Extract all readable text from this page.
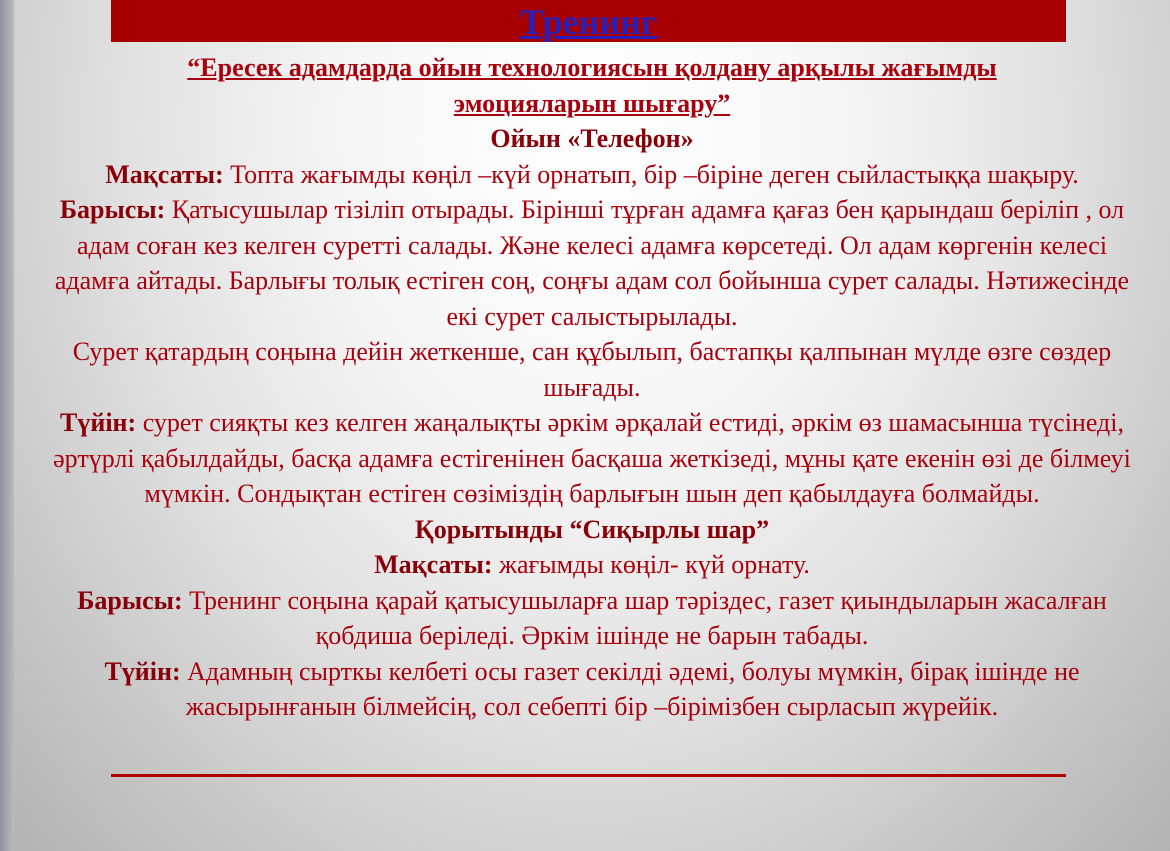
Тренинг

“Ересек адамдарда ойын технологиясын қолдану арқылы жағымды
эмоцияларын шығару”

Ойын «Телефон»

Мақсаты: Топта жағымды көңіл –күй орнатып, бір –біріне деген сыйластыққа шақыру.

Барысы: Қатысушылар тізіліп отырады. Бірінші тұрған адамға қағаз бен қарындаш беріліп , ол адам соған кез келген суретті салады. Және келесі адамға көрсетеді. Ол адам көргенін келесі адамға айтады. Барлығы толық естіген соң, соңғы адам сол бойынша сурет салады. Нәтижесінде екі сурет салыстырылады.

Сурет қатардың соңына дейін жеткенше, сан құбылып, бастапқы қалпынан мүлде өзге сөздер шығады.

Түйін: сурет сияқты кез келген жаңалықты әркім әрқалай естиді, әркім өз шамасынша түсінеді, әртүрлі қабылдайды, басқа адамға естігенінен басқаша жеткізеді, мұны қате екенін өзі де білмеуі мүмкін. Сондықтан естіген сөзіміздің барлығын шын деп қабылдауға болмайды.

Қорытынды “Сиқырлы шар”

Мақсаты: жағымды көңіл- күй орнату.

Барысы: Тренинг соңына қарай қатысушыларға шар тәріздес, газет қиындыларын жасалған қобдиша беріледі. Әркім ішінде не барын табады.

Түйін: Адамның сырткы келбеті осы газет секілді әдемі, болуы мүмкін, бірақ ішінде не жасырынғанын білмейсің, сол себепті бір –бірімізбен сырласып жүрейік.
